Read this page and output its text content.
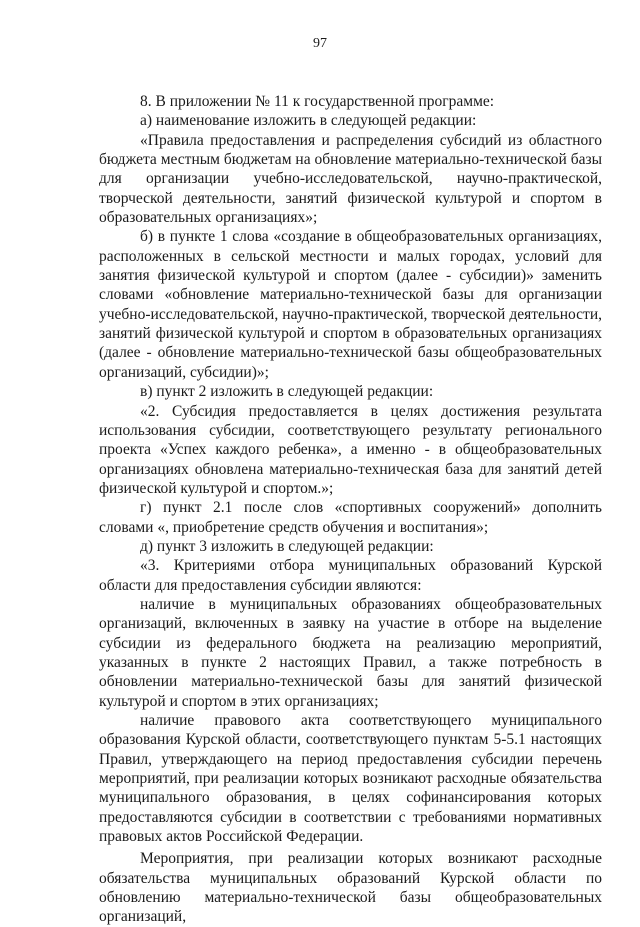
97

8. В приложении № 11 к государственной программе:

а) наименование изложить в следующей редакции:

«Правила предоставления и распределения субсидий из областного бюджета местным бюджетам на обновление материально-технической базы для организации учебно-исследовательской, научно-практической, творческой деятельности, занятий физической культурой и спортом в образовательных организациях»;

б) в пункте 1 слова «создание в общеобразовательных организациях, расположенных в сельской местности и малых городах, условий для занятия физической культурой и спортом (далее - субсидии)» заменить словами «обновление материально-технической базы для организации учебно-исследовательской, научно-практической, творческой деятельности, занятий физической культурой и спортом в образовательных организациях (далее - обновление материально-технической базы общеобразовательных организаций, субсидии)»;

в) пункт 2 изложить в следующей редакции:

«2. Субсидия предоставляется в целях достижения результата использования субсидии, соответствующего результату регионального проекта «Успех каждого ребенка», а именно - в общеобразовательных организациях обновлена материально-техническая база для занятий детей физической культурой и спортом.»;

г) пункт 2.1 после слов «спортивных сооружений» дополнить словами «, приобретение средств обучения и воспитания»;

д) пункт 3 изложить в следующей редакции:

«3. Критериями отбора муниципальных образований Курской области для предоставления субсидии являются:

наличие в муниципальных образованиях общеобразовательных организаций, включенных в заявку на участие в отборе на выделение субсидии из федерального бюджета на реализацию мероприятий, указанных в пункте 2 настоящих Правил, а также потребность в обновлении материально-технической базы для занятий физической культурой и спортом в этих организациях;

наличие правового акта соответствующего муниципального образования Курской области, соответствующего пунктам 5-5.1 настоящих Правил, утверждающего на период предоставления субсидии перечень мероприятий, при реализации которых возникают расходные обязательства муниципального образования, в целях софинансирования которых предоставляются субсидии в соответствии с требованиями нормативных правовых актов Российской Федерации.

Мероприятия, при реализации которых возникают расходные обязательства муниципальных образований Курской области по обновлению материально-технической базы общеобразовательных организаций,
